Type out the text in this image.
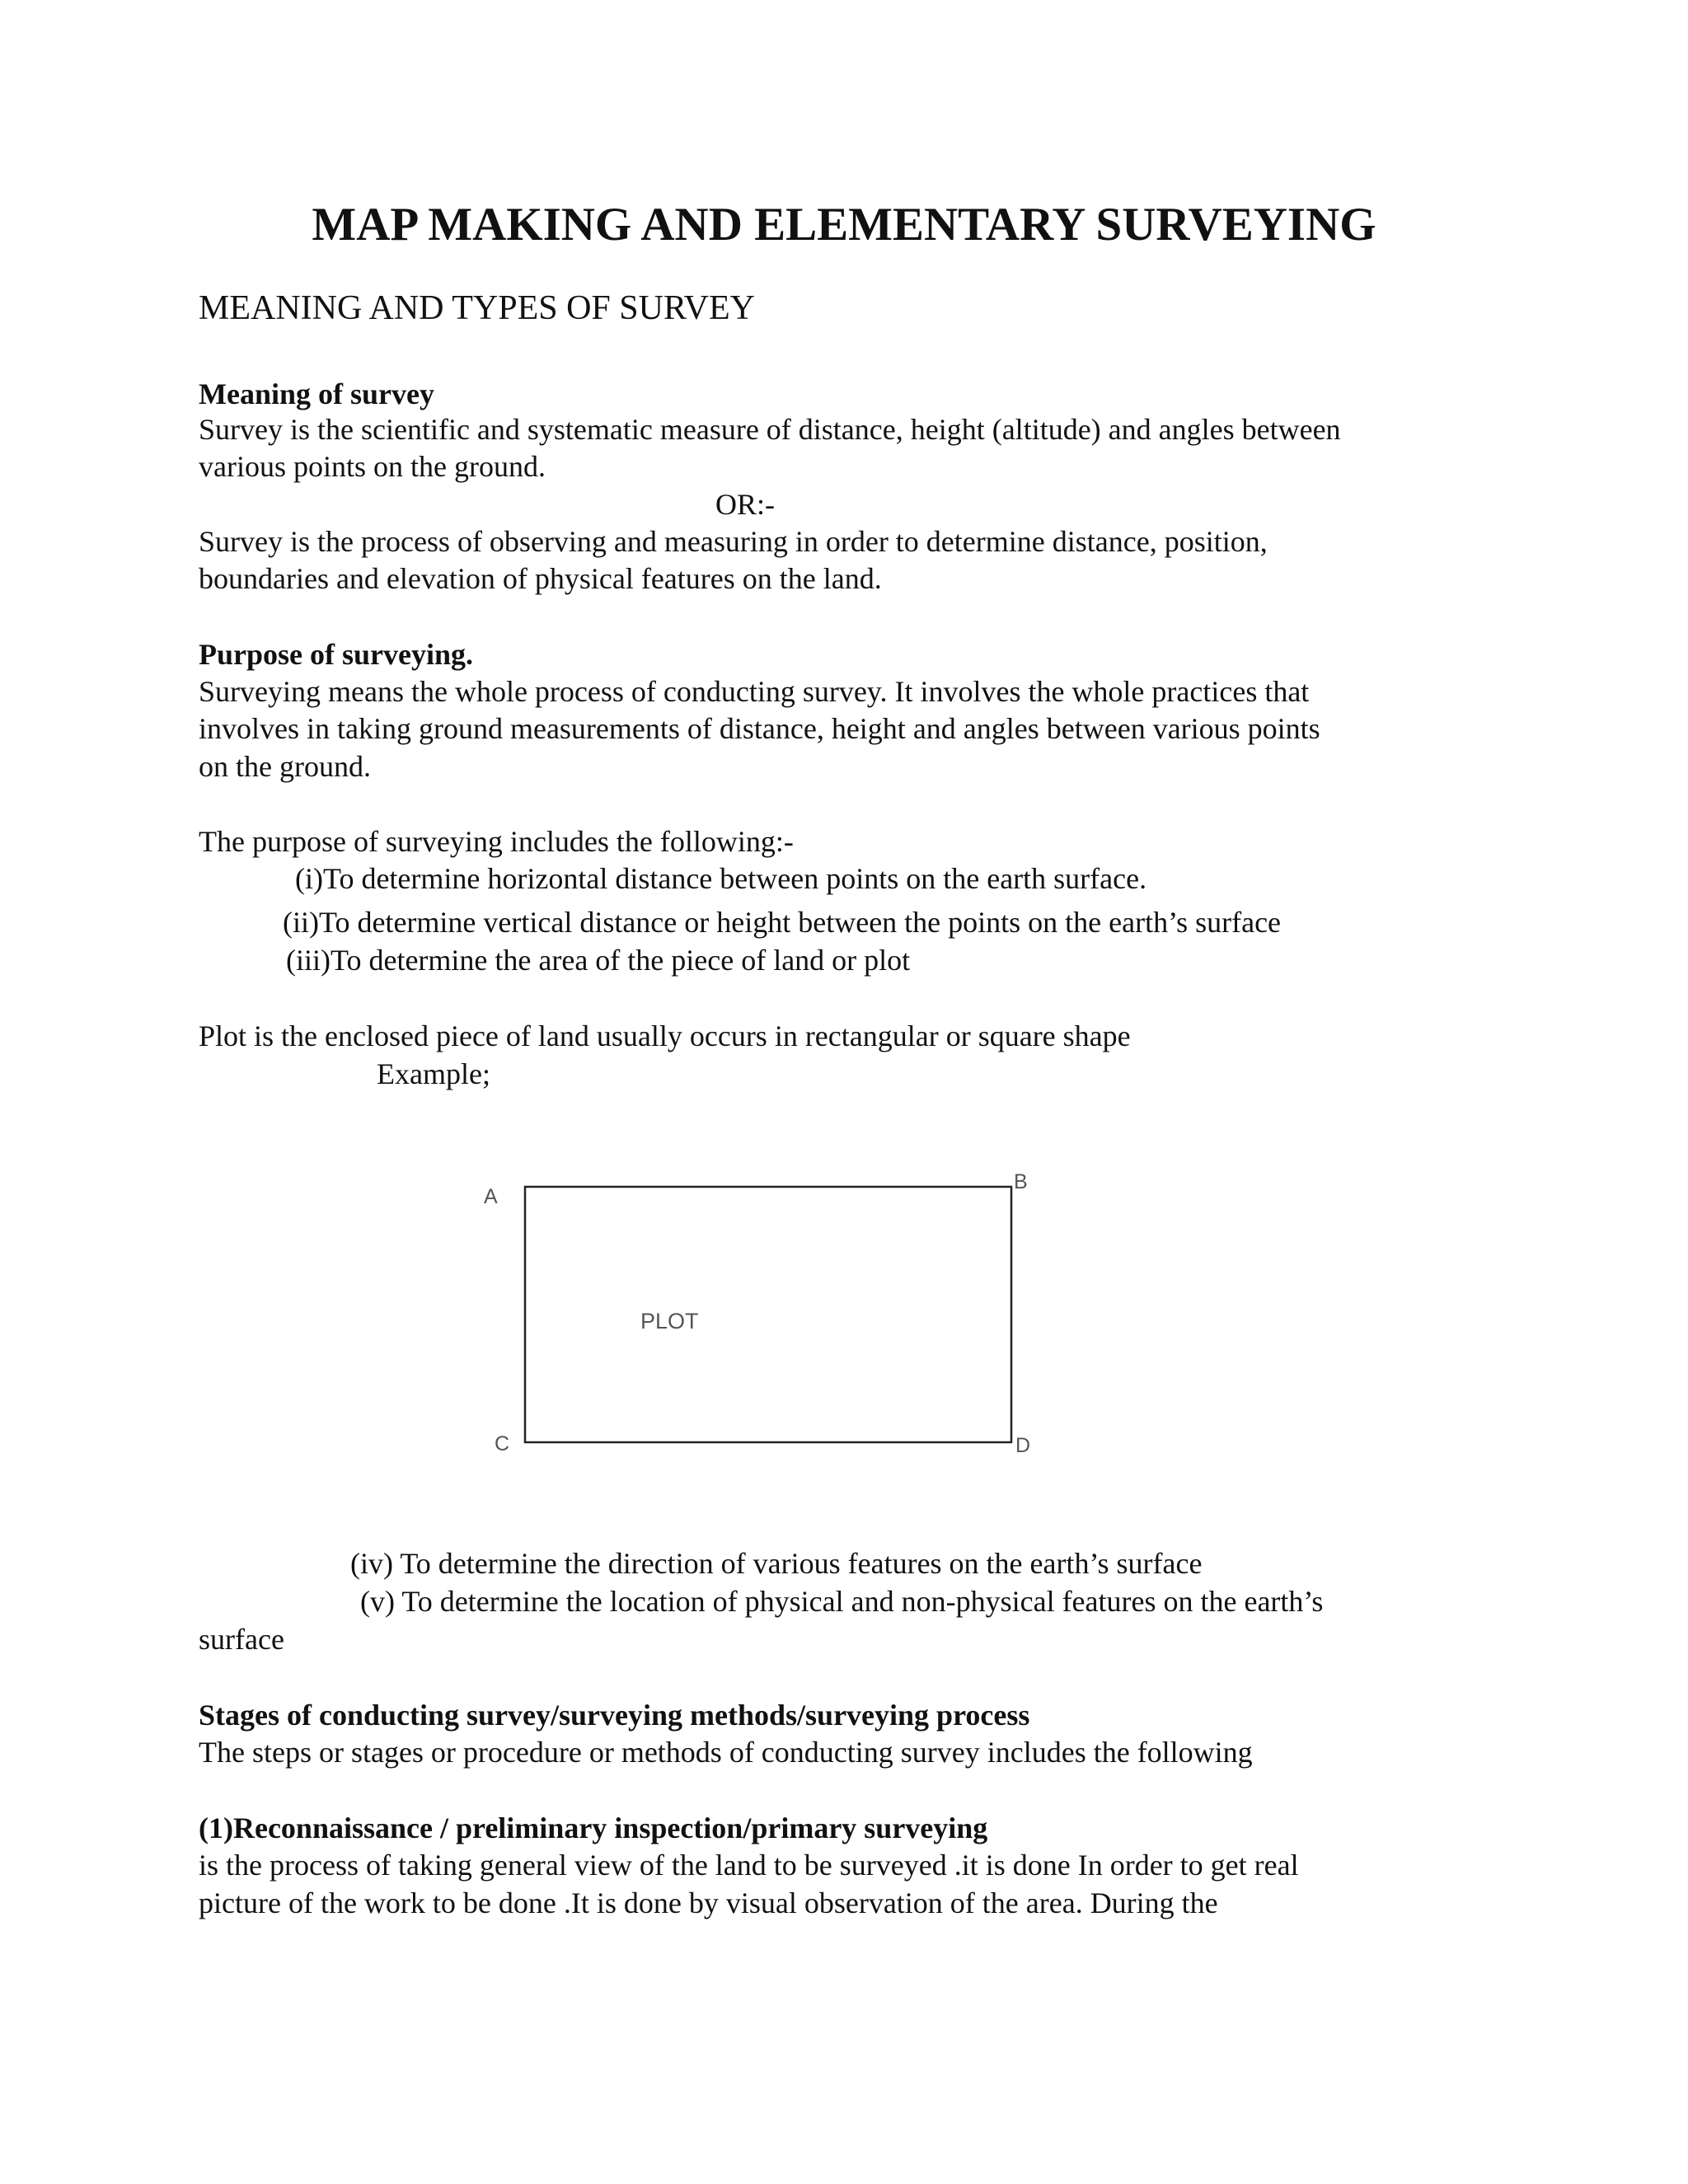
MAP MAKING AND ELEMENTARY SURVEYING
MEANING AND TYPES OF SURVEY
Meaning of survey
Survey is the scientific and systematic measure of distance, height (altitude) and angles between
various points on the ground.
OR:-
Survey is the process of observing and measuring in order to determine distance, position,
boundaries and elevation of physical features on the land.
Purpose of surveying.
Surveying means the whole process of conducting survey. It involves the whole practices that
involves in taking ground measurements of distance, height and angles between various points
on the ground.
The purpose of surveying includes the following:-
(i)To determine horizontal distance between points on the earth surface.
(ii)To determine vertical distance or height between the points on the earth’s surface
(iii)To determine the area of the piece of land or plot
Plot is the enclosed piece of land usually occurs in rectangular or square shape
Example;
A
B
C	D
PLOT
(iv) To determine the direction of various features on the earth’s surface
(v) To determine the location of physical and non-physical features on the earth’s
surface
Stages of conducting survey/surveying methods/surveying process
The steps or stages or procedure or methods of conducting survey includes the following
(1)Reconnaissance / preliminary inspection/primary surveying
is the process of taking general view of the land to be surveyed .it is done In order to get real
picture of the work to be done .It is done by visual observation of the area. During the
